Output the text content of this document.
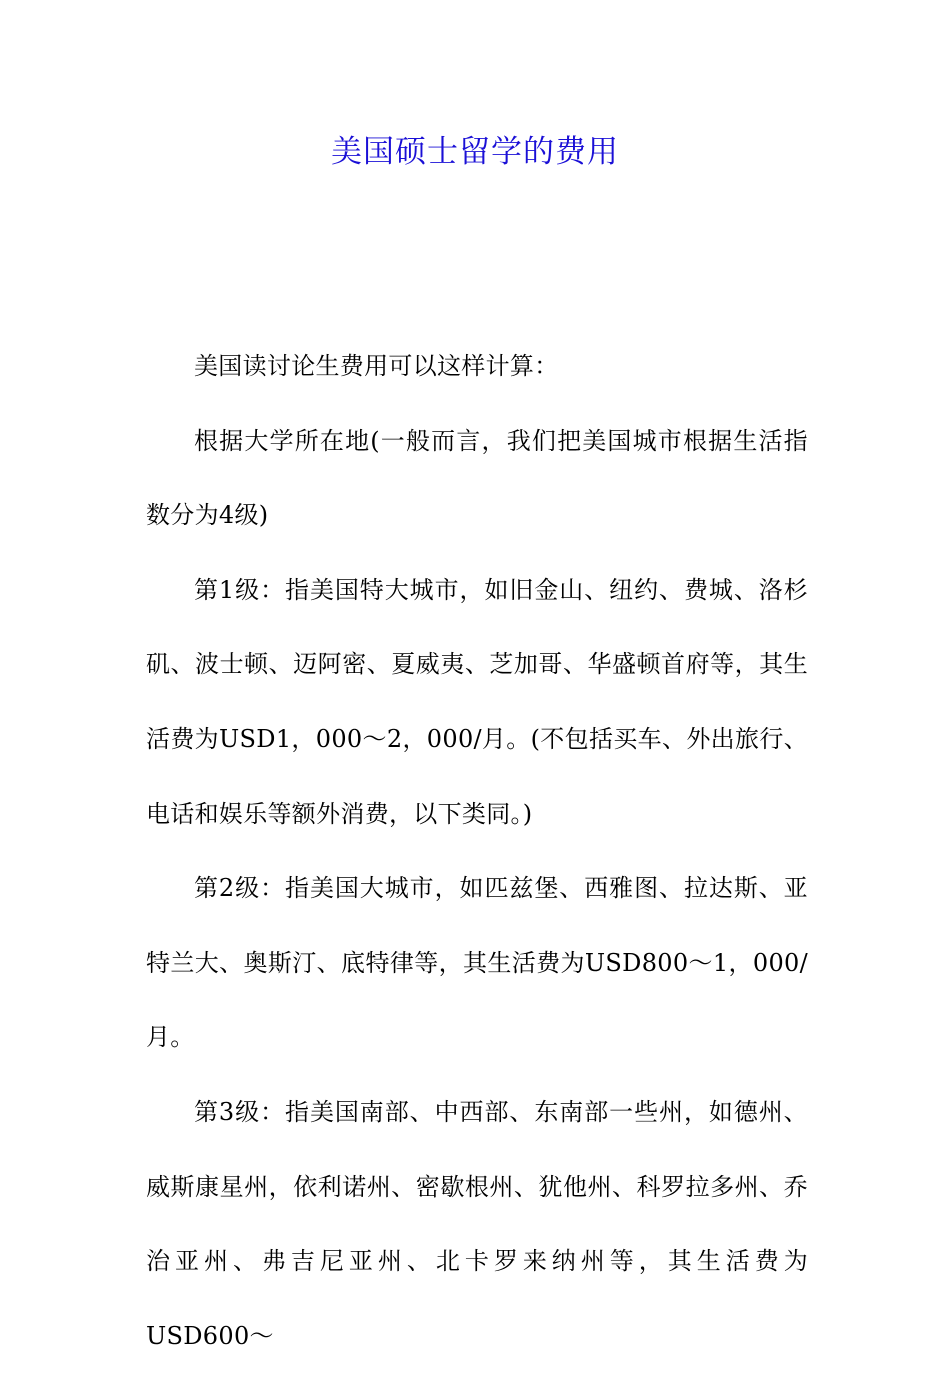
美国硕士留学的费用

美国读讨论生费用可以这样计算：

根据大学所在地(一般而言，我们把美国城市根据生活指数分为4级)

第1级：指美国特大城市，如旧金山、纽约、费城、洛杉矶、波士顿、迈阿密、夏威夷、芝加哥、华盛顿首府等，其生活费为USD1，000～2，000/月。(不包括买车、外出旅行、电话和娱乐等额外消费，以下类同。)

第2级：指美国大城市，如匹兹堡、西雅图、拉达斯、亚特兰大、奥斯汀、底特律等，其生活费为USD800～1，000/月。

第3级：指美国南部、中西部、东南部一些州，如德州、威斯康星州，依利诺州、密歇根州、犹他州、科罗拉多州、乔治亚州、弗吉尼亚州、北卡罗来纳州等，其生活费为USD600～
